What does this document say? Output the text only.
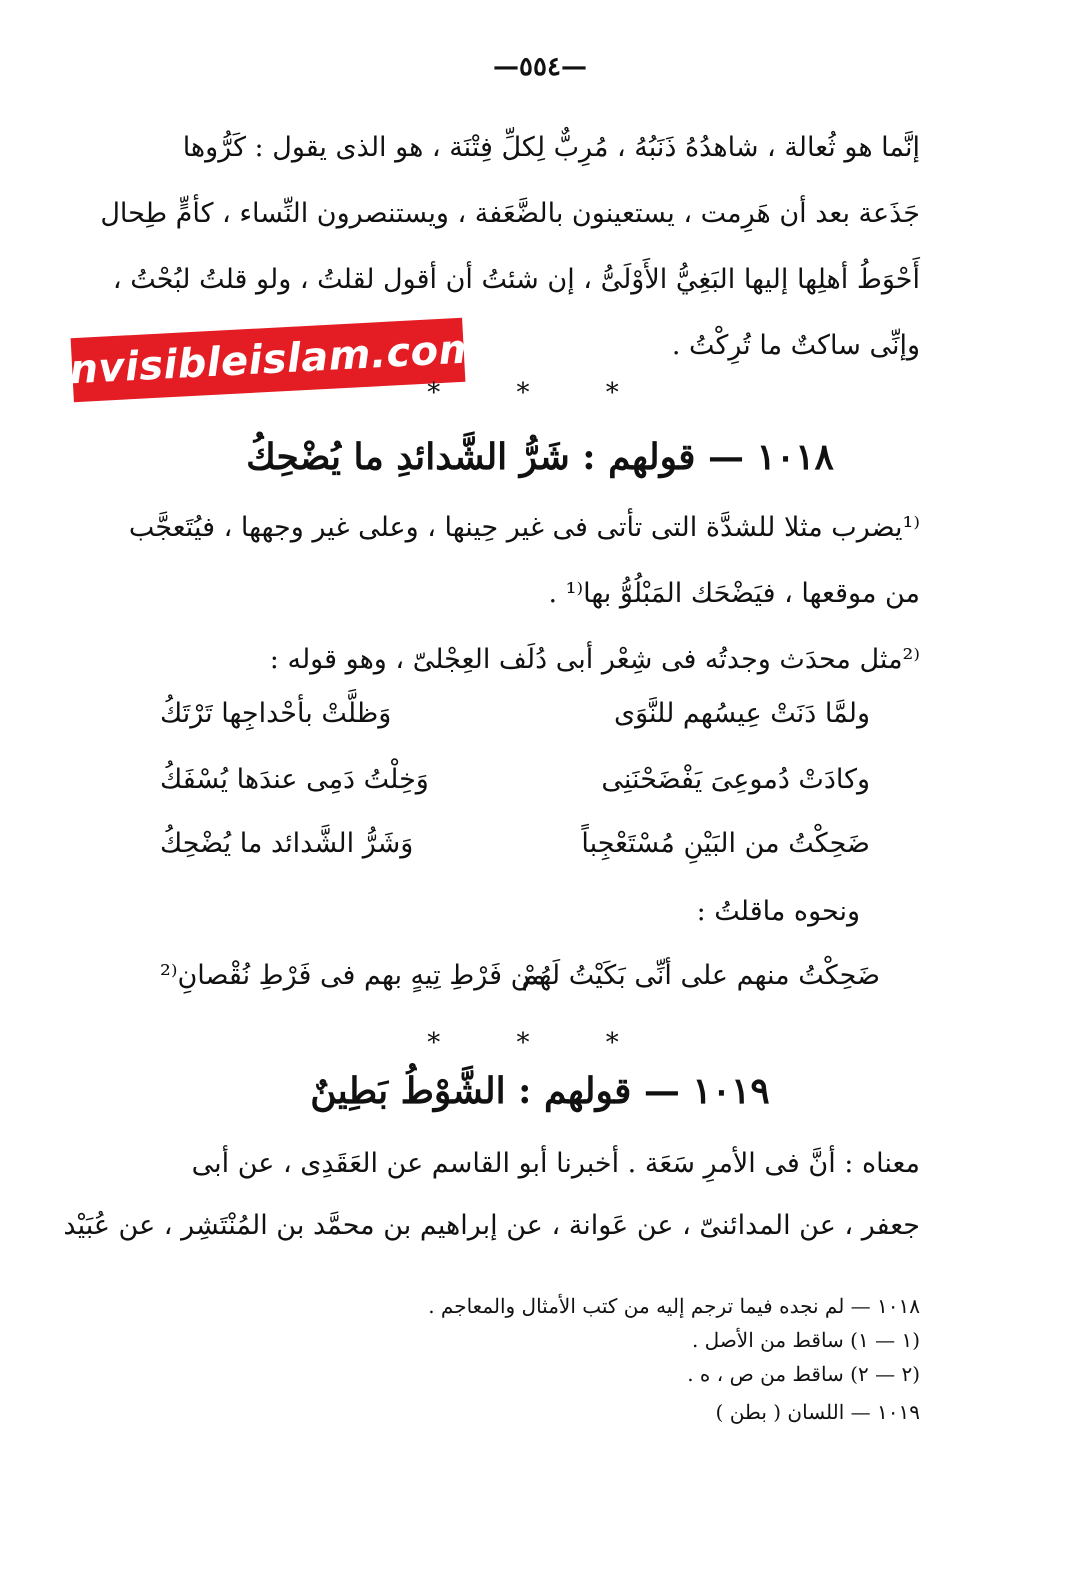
—٥٥٤—
إنَّما هو ثُعالة ، شاهدُهُ ذَنَبُهُ ، مُرِبٌّ لِكلِّ فِتْنَة ، هو الذى يقول : كَرُّوها
جَذَعة بعد أن هَرِمت ، يستعينون بالضَّعَفة ، ويستنصرون النِّساء ، كأمٍّ طِحال
أَحْوَطُ أهلِها إليها البَغِيُّ الأَوْلَىُّ ، إن شئتُ أن أقول لقلتُ ، ولو قلتُ لبُحْتُ ،
وإنِّى ساكتٌ ما تُرِكْتُ .
invisibleislam.com
* * *
١٠١٨ — قولهم : شَرُّ الشَّدائدِ ما يُضْحِكُ
⁽¹يضرب مثلا للشدَّة التى تأتى فى غير حِينها ، وعلى غير وجهها ، فيُتَعجَّب
من موقعها ، فيَضْحَك المَبْلُوُّ بها⁽¹ .
⁽²مثل محدَث وجدتُه فى شِعْر أبى دُلَف العِجْلىّ ، وهو قوله :
ولمَّا دَنَتْ عِيسُهم للنَّوَى
وَظلَّتْ بأحْداجِها تَرْتَكُ
وكادَتْ دُموعِىَ يَفْضَحْنَنِى
وَخِلْتُ دَمِى عندَها يُسْفَكُ
ضَحِكْتُ من البَيْنِ مُسْتَعْجِباً
وَشَرُّ الشَّدائد ما يُضْحِكُ
ونحوه ماقلتُ :
ضَحِكْتُ منهم على أنِّى بَكَيْتُ لَهُمْ
من فَرْطِ تِيهٍ بهم فى فَرْطِ نُقْصانِ⁽²
* * *
١٠١٩ — قولهم : الشَّوْطُ بَطِينٌ
معناه : أنَّ فى الأمرِ سَعَة . أخبرنا أبو القاسم عن العَقَدِى ، عن أبى
جعفر ، عن المدائنىّ ، عن عَوانة ، عن إبراهيم بن محمَّد بن المُنْتَشِر ، عن عُبَيْد
١٠١٨ — لم نجده فيما ترجم إليه من كتب الأمثال والمعاجم .
(١ — ١) ساقط من الأصل .
(٢ — ٢) ساقط من ص ، ه .
١٠١٩ — اللسان ( بطن )
